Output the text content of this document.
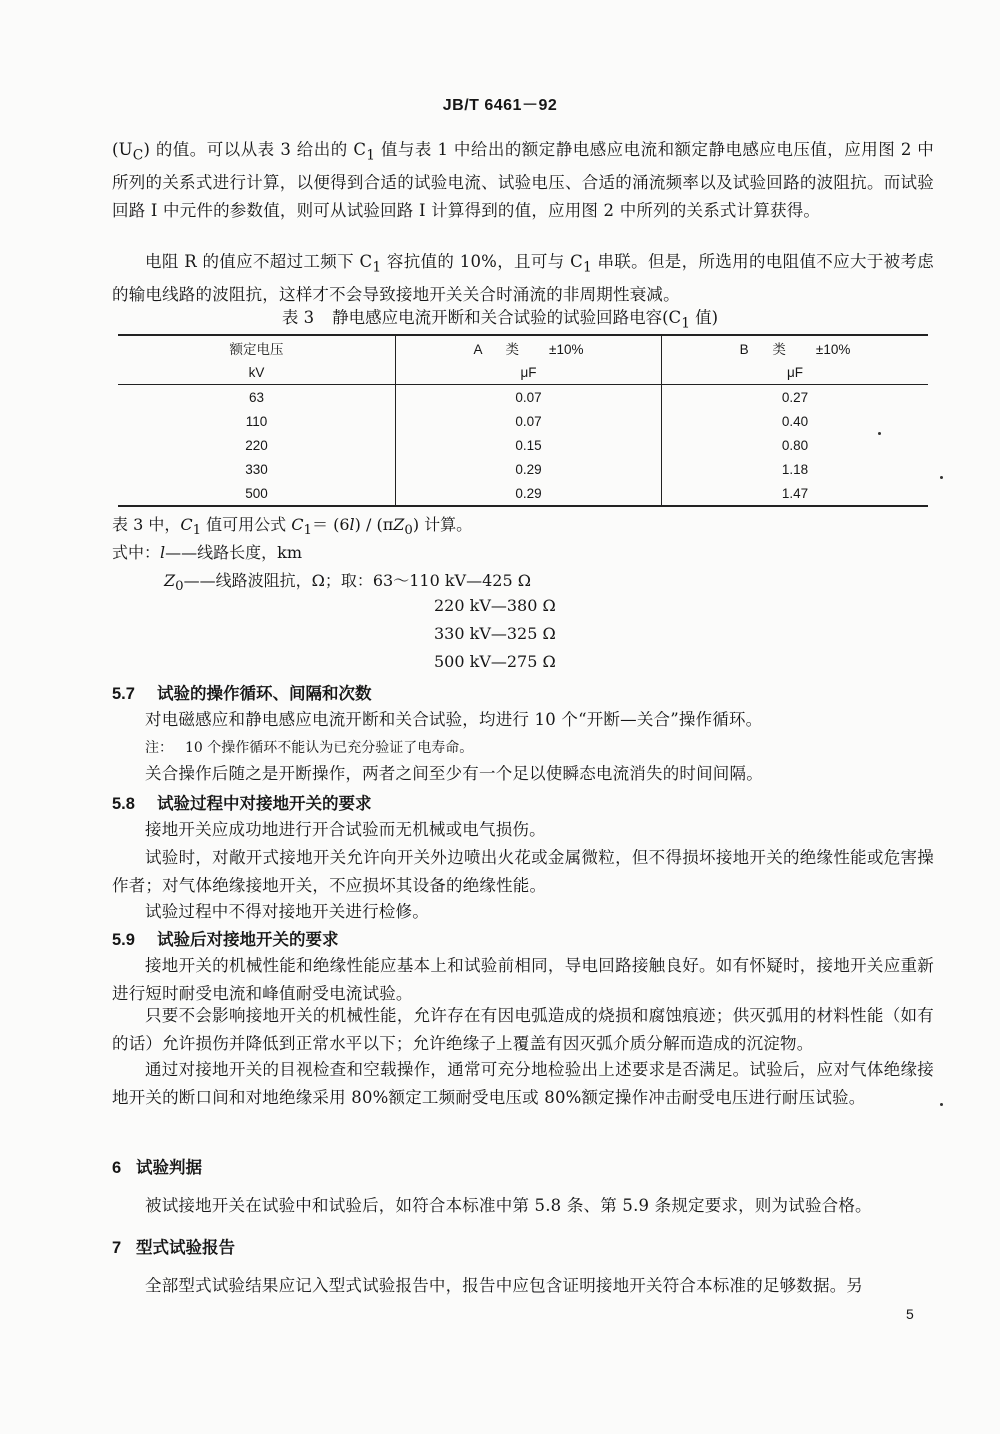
JB/T 6461－92

$(U_C)$ 的值。可以从表 3 给出的 $C_1$ 值与表 1 中给出的额定静电感应电流和额定静电感应电压值，应用图 2 中所列的关系式进行计算，以便得到合适的试验电流、试验电压、合适的涌流频率以及试验回路的波阻抗。而试验回路 I 中元件的参数值，则可从试验回路 I 计算得到的值，应用图 2 中所列的关系式计算获得。

电阻 R 的值应不超过工频下 $C_1$ 容抗值的 10%，且可与 $C_1$ 串联。但是，所选用的电阻值不应大于被考虑的输电线路的波阻抗，这样才不会导致接地开关关合时涌流的非周期性衰减。

表 3 静电感应电流开断和关合试验的试验回路电容($C_1$ 值)
额定电压	A 类 ±10%	B 类 ±10%
kV	μF	μF
63	0.07	0.27
110	0.07	0.40
220	0.15	0.80
330	0.29	1.18
500	0.29	1.47

表 3 中，$C_1$ 值可用公式 $C_1= (6l) / (\pi Z_0)$ 计算。

式中：l——线路长度，km

$Z_0——$线路波阻抗，Ω；取：63～110 kV—425 Ω

220 kV—380 Ω

330 kV—325 Ω

500 kV—275 Ω

5.7 试验的操作循环、间隔和次数

对电磁感应和静电感应电流开断和关合试验，均进行 10 个“开断—关合”操作循环。

注： 10 个操作循环不能认为已充分验证了电寿命。

关合操作后随之是开断操作，两者之间至少有一个足以使瞬态电流消失的时间间隔。

5.8 试验过程中对接地开关的要求

接地开关应成功地进行开合试验而无机械或电气损伤。

试验时，对敞开式接地开关允许向开关外边喷出火花或金属微粒，但不得损坏接地开关的绝缘性能或危害操作者；对气体绝缘接地开关，不应损坏其设备的绝缘性能。

试验过程中不得对接地开关进行检修。

5.9 试验后对接地开关的要求

接地开关的机械性能和绝缘性能应基本上和试验前相同，导电回路接触良好。如有怀疑时，接地开关应重新进行短时耐受电流和峰值耐受电流试验。

只要不会影响接地开关的机械性能，允许存在有因电弧造成的烧损和腐蚀痕迹；供灭弧用的材料性能（如有的话）允许损伤并降低到正常水平以下；允许绝缘子上覆盖有因灭弧介质分解而造成的沉淀物。

通过对接地开关的目视检查和空载操作，通常可充分地检验出上述要求是否满足。试验后，应对气体绝缘接地开关的断口间和对地绝缘采用 80%额定工频耐受电压或 80%额定操作冲击耐受电压进行耐压试验。

6 试验判据

被试接地开关在试验中和试验后，如符合本标准中第 5.8 条、第 5.9 条规定要求，则为试验合格。

7 型式试验报告

全部型式试验结果应记入型式试验报告中，报告中应包含证明接地开关符合本标准的足够数据。另

5
